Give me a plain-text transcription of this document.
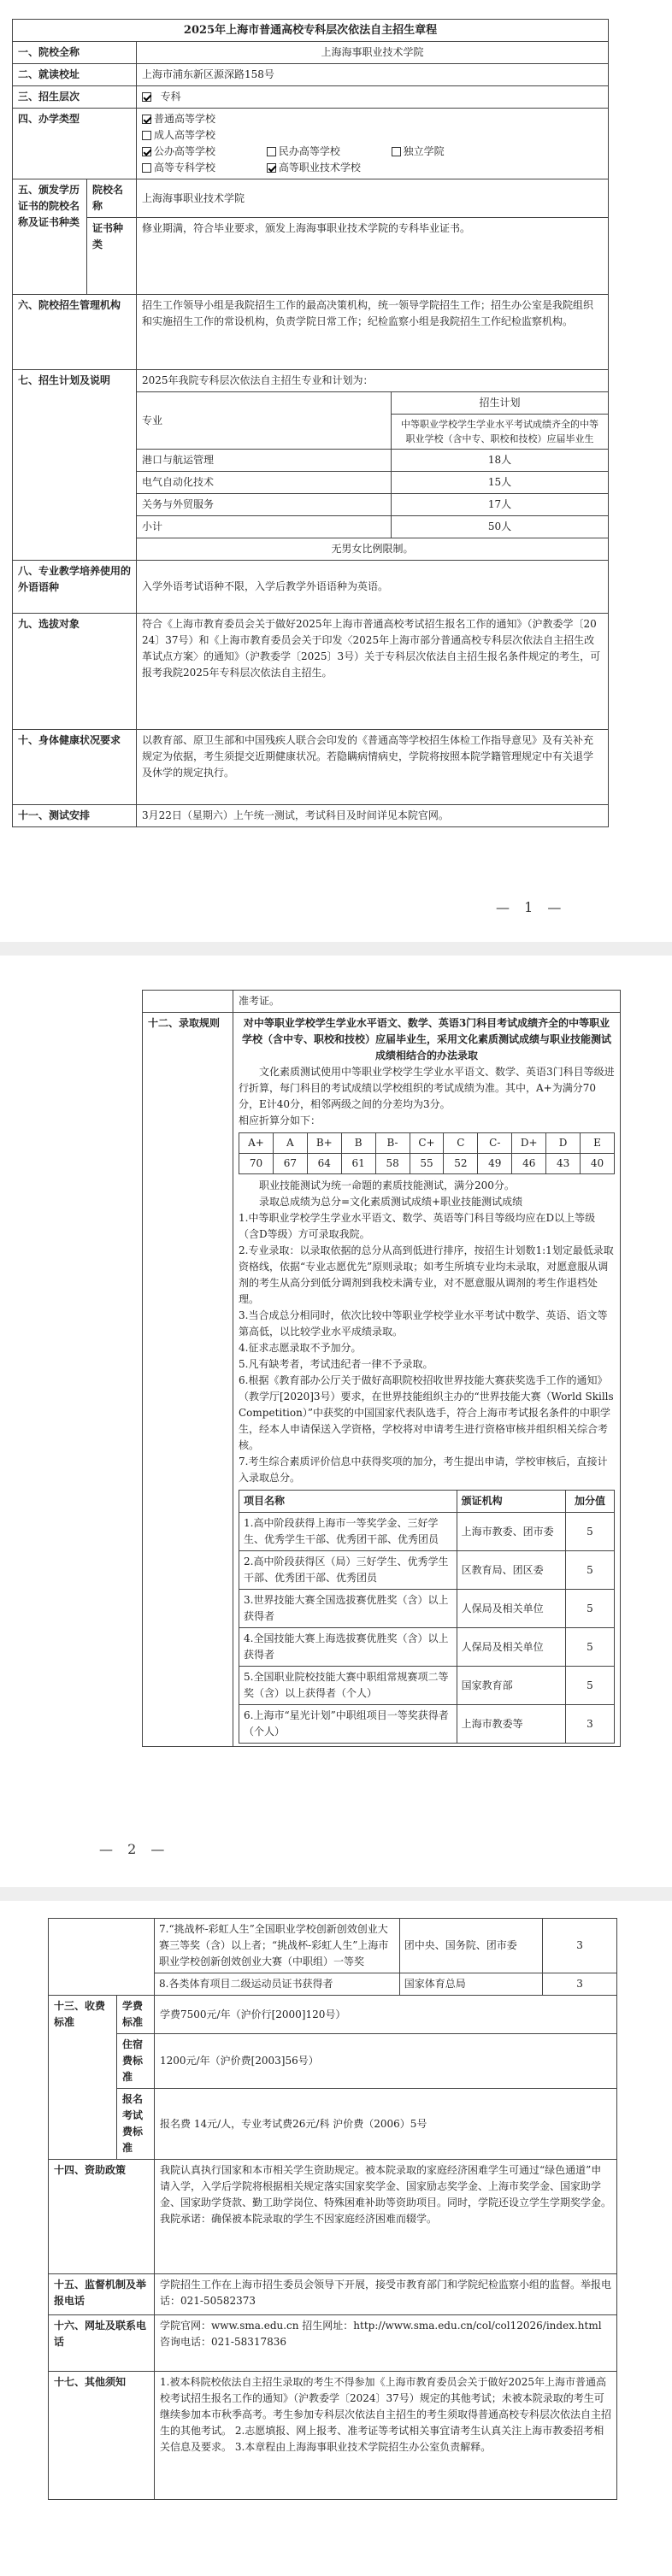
2025年上海市普通高校专科层次依法自主招生章程
一、院校全称	上海海事职业技术学院
二、就读校址	上海市浦东新区源深路158号
三、招生层次	专科
四、办学类型	普通高等学校
成人高等学校
公办高等学校	民办高等学校	独立学院
高等专科学校	高等职业技术学校

五、颁发学历证书的院校名称及证书种类	院校名称	上海海事职业技术学院
证书种类	修业期满，符合毕业要求，颁发上海海事职业技术学院的专科毕业证书。
六、院校招生管理机构	招生工作领导小组是我院招生工作的最高决策机构，统一领导学院招生工作；招生办公室是我院组织和实施招生工作的常设机构，负责学院日常工作；纪检监察小组是我院招生工作纪检监察机构。
七、招生计划及说明	2025年我院专科层次依法自主招生专业和计划为：
专业	招生计划
中等职业学校学生学业水平考试成绩齐全的中等职业学校（含中专、职校和技校）应届毕业生
港口与航运管理	18人
电气自动化技术	15人
关务与外贸服务	17人
小计	50人
无男女比例限制。

八、专业教学培养使用的外语语种	入学外语考试语种不限，入学后教学外语语种为英语。
九、选拔对象	符合《上海市教育委员会关于做好2025年上海市普通高校考试招生报名工作的通知》（沪教委学〔2024〕37号）和《上海市教育委员会关于印发〈2025年上海市部分普通高校专科层次依法自主招生改革试点方案〉的通知》（沪教委学〔2025〕3号）关于专科层次依法自主招生报名条件规定的考生，可报考我院2025年专科层次依法自主招生。
十、身体健康状况要求	以教育部、原卫生部和中国残疾人联合会印发的《普通高等学校招生体检工作指导意见》及有关补充规定为依据，考生须提交近期健康状况。若隐瞒病情病史，学院将按照本院学籍管理规定中有关退学及休学的规定执行。
十一、测试安排	3月22日（星期六）上午统一测试，考试科目及时间详见本院官网。
— 1 —
	准考证。
十二、录取规则	对中等职业学校学生学业水平语文、数学、英语3门科目考试成绩齐全的中等职业学校（含中专、职校和技校）应届毕业生，采用文化素质测试成绩与职业技能测试成绩相结合的办法录取

文化素质测试使用中等职业学校学生学业水平语文、数学、英语3门科目等级进行折算，每门科目的考试成绩以学校组织的考试成绩为准。其中，A+为满分70分，E计40分，相邻两级之间的分差均为3分。

相应折算分如下：

A+	A	B+	B	B-	C+	C	C-	D+	D	E
70	67	64	61	58	55	52	49	46	43	40

职业技能测试为统一命题的素质技能测试，满分200分。

录取总成绩为总分=文化素质测试成绩+职业技能测试成绩

1.中等职业学校学生学业水平语文、数学、英语等门科目等级均应在D以上等级（含D等级）方可录取我院。

2.专业录取：以录取依据的总分从高到低进行排序，按招生计划数1:1划定最低录取资格线，依据“专业志愿优先”原则录取；如考生所填专业均未录取，对愿意服从调剂的考生从高分到低分调剂到我校未满专业，对不愿意服从调剂的考生作退档处理。

3.当合成总分相同时，依次比较中等职业学校学业水平考试中数学、英语、语文等第高低，以比较学业水平成绩录取。

4.征求志愿录取不予加分。

5.凡有缺考者，考试违纪者一律不予录取。

6.根据《教育部办公厅关于做好高职院校招收世界技能大赛获奖选手工作的通知》（教学厅[2020]3号）要求，在世界技能组织主办的“世界技能大赛（World Skills Competition）”中获奖的中国国家代表队选手，符合上海市考试报名条件的中职学生，经本人申请保送入学资格，学校将对申请考生进行资格审核并组织相关综合考核。

7.考生综合素质评价信息中获得奖项的加分，考生提出申请，学校审核后，直接计入录取总分。

项目名称	颁证机构	加分值
1.高中阶段获得上海市一等奖学金、三好学生、优秀学生干部、优秀团干部、优秀团员	上海市教委、团市委	5
2.高中阶段获得区（局）三好学生、优秀学生干部、优秀团干部、优秀团员	区教育局、团区委	5
3.世界技能大赛全国选拔赛优胜奖（含）以上获得者	人保局及相关单位	5
4.全国技能大赛上海选拔赛优胜奖（含）以上获得者	人保局及相关单位	5
5.全国职业院校技能大赛中职组常规赛项二等奖（含）以上获得者（个人）	国家教育部	5
6.上海市“星光计划”中职组项目一等奖获得者（个人）	上海市教委等	3
— 2 —

7.“挑战杯-彩虹人生”全国职业学校创新创效创业大赛三等奖（含）以上者；“挑战杯-彩虹人生”上海市职业学校创新创效创业大赛（中职组）一等奖	团中央、国务院、团市委	3
8.各类体育项目二级运动员证书获得者	国家体育总局	3

十三、收费标准	学费标准	学费7500元/年（沪价行[2000]120号）
住宿费标准	1200元/年（沪价费[2003]56号）
报名考试费标准	报名费 14元/人，专业考试费26元/科 沪价费（2006）5号
十四、资助政策	我院认真执行国家和本市相关学生资助规定。被本院录取的家庭经济困难学生可通过“绿色通道”申请入学，入学后学院将根据相关规定落实国家奖学金、国家励志奖学金、上海市奖学金、国家助学金、国家助学贷款、勤工助学岗位、特殊困难补助等资助项目。同时，学院还设立学生学期奖学金。我院承诺：确保被本院录取的学生不因家庭经济困难而辍学。
十五、监督机制及举报电话	学院招生工作在上海市招生委员会领导下开展，接受市教育部门和学院纪检监察小组的监督。举报电话：021-50582373
十六、网址及联系电话	学院官网：www.sma.edu.cn 招生网址：http://www.sma.edu.cn/col/col12026/index.html 咨询电话：021-58317836
十七、其他须知	1.被本科院校依法自主招生录取的考生不得参加《上海市教育委员会关于做好2025年上海市普通高校考试招生报名工作的通知》（沪教委学〔2024〕37号）规定的其他考试；未被本院录取的考生可继续参加本市秋季高考。考生参加专科层次依法自主招生的考生须取得普通高校专科层次依法自主招生的其他考试。 2.志愿填报、网上报考、准考证等考试相关事宜请考生认真关注上海市教委招考相关信息及要求。 3.本章程由上海海事职业技术学院招生办公室负责解释。
